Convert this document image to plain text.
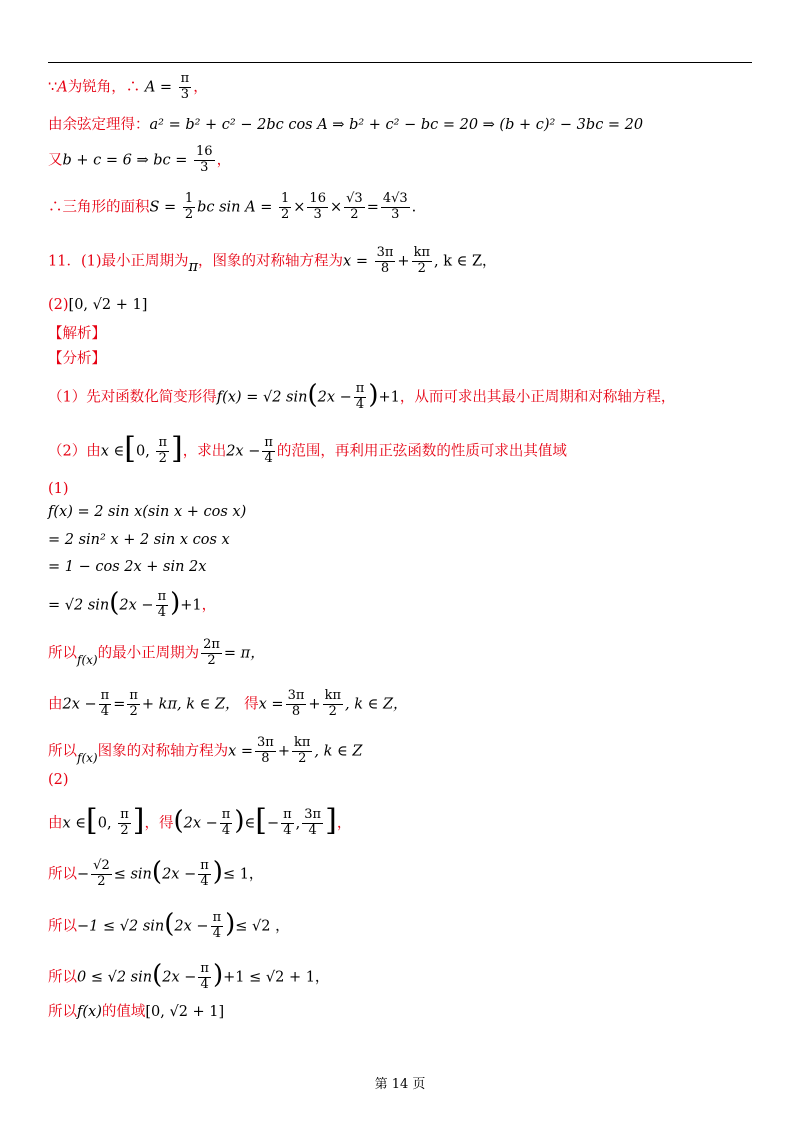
∵A为锐角，∴ $A = \frac{\pi}{3}$ ，
由余弦定理得：a² = b² + c² − 2bc cos A ⇒ b² + c² − bc = 20 ⇒ (b + c)² − 3bc = 20
又b + c = 6 ⇒ bc = $\frac{16}{3}$ ，
∴三角形的面积$S = \frac{1}{2}$ bc $\sin A = \frac{1}{2} \times \frac{16}{3} \times \frac{√3}{2} = \frac{4√3}{3}$ .
11．(1)最小正周期为π，图象的对称轴方程为$x = \frac{3\pi}{8} + \frac{k\pi}{2}$ , k ∈ Z，
(2)[0, √2 + 1]
【解析】
【分析】
（1）先对函数化简变形得f(x) = √2 $\sin(2x - \frac{\pi}{4} )+1$，从而可求出其最小正周期和对称轴方程，
（2）由x ∈[0, $\frac{\pi}{2}$ ]，求出$2x - \frac{\pi}{4}$ 的范围，再利用正弦函数的性质可求出其值域
(1)
f(x) = 2 sin x(sin x + cos x)
= 2 sin² x + 2 sin x cos x
= 1 − cos 2x + sin 2x
= √2 $\sin(2x - \frac{\pi}{4} )+1$，
所以$_{f(x)}$的最小正周期为 $\frac{2\pi}{2} = \pi$，
由$2x - \frac{\pi}{4} = \frac{\pi}{2} + k\pi$, k ∈ Z， 得$x = \frac{3\pi}{8} + \frac{k\pi}{2}$ , k ∈ Z，
所以$_{f(x)}$图象的对称轴方程为$x = \frac{3\pi}{8} + \frac{k\pi}{2}$ , k ∈ Z
(2)
由x ∈[0, $\frac{\pi}{2}$ ]，得($2x - \frac{\pi}{4}$ )∈[− $\frac{\pi}{4}$ , $\frac{3\pi}{4}$ ]，
所以− $\frac{√2}{2} \le \sin(2x - \frac{\pi}{4}$ )≤ 1，
所以−1 ≤ √2 $\sin(2x - \frac{\pi}{4}$ )≤ √2 ，
所以0 ≤ √2 $\sin(2x - \frac{\pi}{4} )+1 \le √2 + 1$，
所以f(x)的值域[0, √2 + 1]
第 14 页
